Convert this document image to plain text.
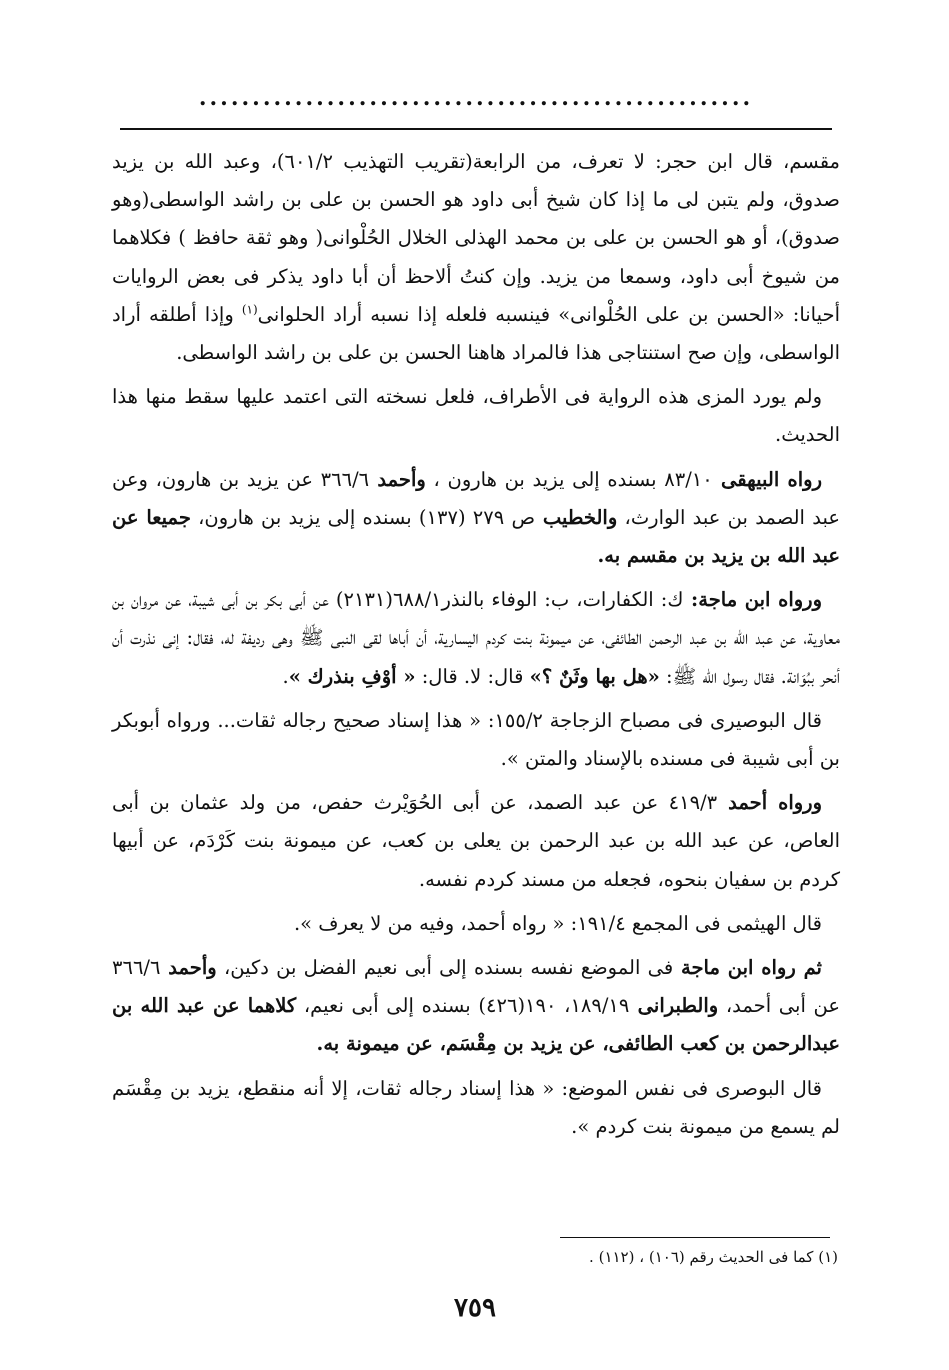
....................................................

مقسم، قال ابن حجر: لا تعرف، من الرابعة(تقريب التهذيب ٦٠١/٢)، وعبد الله بن يزيد صدوق، ولم يتبن لى ما إذا كان شيخ أبى داود هو الحسن بن على بن راشد الواسطى(وهو صدوق)، أو هو الحسن بن على بن محمد الهذلى الخلال الحُلْوانى( وهو ثقة حافظ ) فكلاهما من شيوخ أبى داود، وسمعا من يزيد. وإن كنتُ ألاحظ أن أبا داود يذكر فى بعض الروايات أحيانا: «الحسن بن على الحُلْوانى» فينسبه فلعله إذا نسبه أراد الحلوانى$^{(١)}$ وإذا أطلقه أراد الواسطى، وإن صح استنتاجى هذا فالمراد هاهنا الحسن بن على بن راشد الواسطى.

ولم يورد المزى هذه الرواية فى الأطراف، فلعل نسخته التى اعتمد عليها سقط منها هذا الحديث.

رواه البيهقى ٨٣/١٠ بسنده إلى يزيد بن هارون ، وأحمد ٣٦٦/٦ عن يزيد بن هارون، وعن عبد الصمد بن عبد الوارث، والخطيب ص ٢٧٩ (١٣٧) بسنده إلى يزيد بن هارون، جميعا عن عبد الله بن يزيد بن مقسم به.

ورواه ابن ماجة: ك: الكفارات، ب: الوفاء بالنذر٦٨٨/١(٢١٣١) عن أبى بكر بن أبى شيبة، عن مروان بن معاوية، عن عبد الله بن عبد الرحمن الطائفى، عن ميمونة بنت كردم اليسارية، أن أباها لقى النبى ﷺ وهى رديفة له، فقال: إنى نذرت أن أنحر ببُوَانة. فقال رسول الله ﷺ: «هل بها وثَنٌ ؟» قال: لا. قال: « أوْفِ بنذرك ».

قال البوصيرى فى مصباح الزجاجة ١٥٥/٢: « هذا إسناد صحيح رجاله ثقات... ورواه أبوبكر بن أبى شيبة فى مسنده بالإسناد والمتن ».

ورواه أحمد ٤١٩/٣ عن عبد الصمد، عن أبى الحُوَيْرث حفص، من ولد عثمان بن أبى العاص، عن عبد الله بن عبد الرحمن بن يعلى بن كعب، عن ميمونة بنت كَرْدَم، عن أبيها كردم بن سفيان بنحوه، فجعله من مسند كردم نفسه.

قال الهيثمى فى المجمع ١٩١/٤: « رواه أحمد، وفيه من لا يعرف ».

ثم رواه ابن ماجة فى الموضع نفسه بسنده إلى أبى نعيم الفضل بن دكين، وأحمد ٣٦٦/٦ عن أبى أحمد، والطبرانى ١٨٩/١٩، ١٩٠(٤٢٦) بسنده إلى أبى نعيم، كلاهما عن عبد الله بن عبدالرحمن بن كعب الطائفى، عن يزيد بن مِقْسَم، عن ميمونة به.

قال البوصرى فى نفس الموضع: « هذا إسناد رجاله ثقات، إلا أنه منقطع، يزيد بن مِقْسَم لم يسمع من ميمونة بنت كردم ».

(١) كما فى الحديث رقم (١٠٦) ، (١١٢) .
٧٥٩
